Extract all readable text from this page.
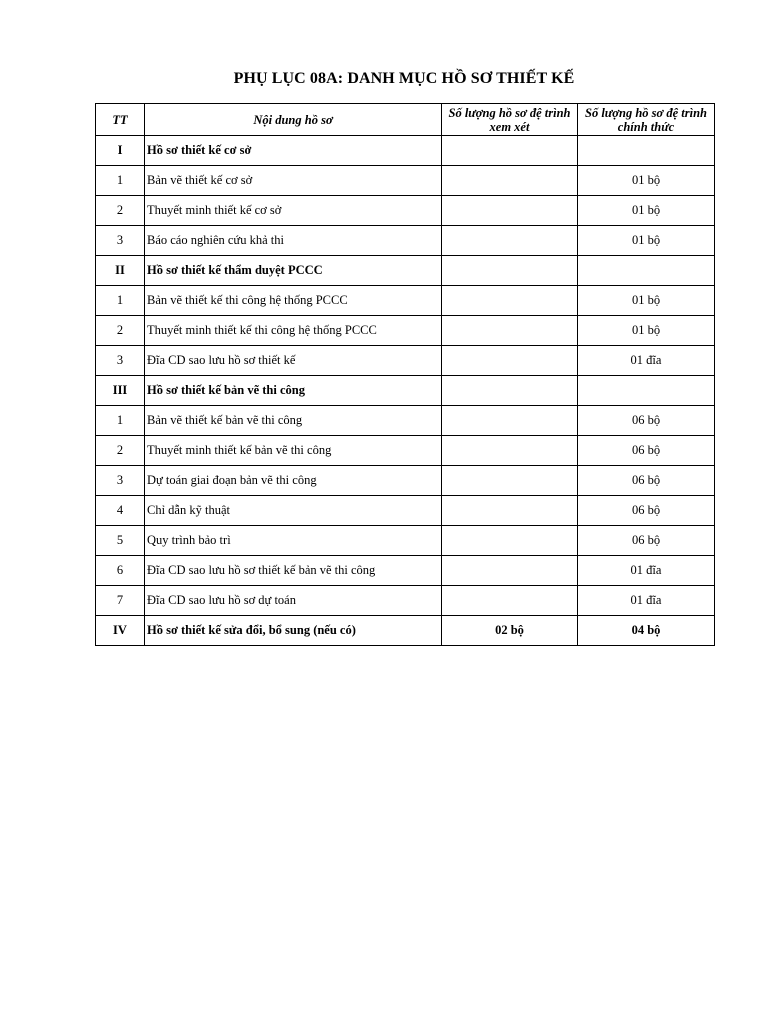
PHỤ LỤC 08A: DANH MỤC HỒ SƠ THIẾT KẾ
TT	Nội dung hồ sơ	Số lượng hồ sơ đệ trình xem xét	Số lượng hồ sơ đệ trình chính thức
I	Hồ sơ thiết kế cơ sở		
1	Bản vẽ thiết kế cơ sở		01 bộ
2	Thuyết minh thiết kế cơ sở		01 bộ
3	Báo cáo nghiên cứu khả thi		01 bộ
II	Hồ sơ thiết kế thẩm duyệt PCCC		
1	Bản vẽ thiết kế thi công hệ thống PCCC		01 bộ
2	Thuyết minh thiết kế thi công hệ thống PCCC		01 bộ
3	Đĩa CD sao lưu hồ sơ thiết kế		01 đĩa
III	Hồ sơ thiết kế bản vẽ thi công		
1	Bản vẽ thiết kế bản vẽ thi công		06 bộ
2	Thuyết minh thiết kế bản vẽ thi công		06 bộ
3	Dự toán giai đoạn bản vẽ thi công		06 bộ
4	Chỉ dẫn kỹ thuật		06 bộ
5	Quy trình bảo trì		06 bộ
6	Đĩa CD sao lưu hồ sơ thiết kế bản vẽ thi công		01 đĩa
7	Đĩa CD sao lưu hồ sơ dự toán		01 đĩa
IV	Hồ sơ thiết kế sửa đổi, bổ sung (nếu có)	02 bộ	04 bộ
